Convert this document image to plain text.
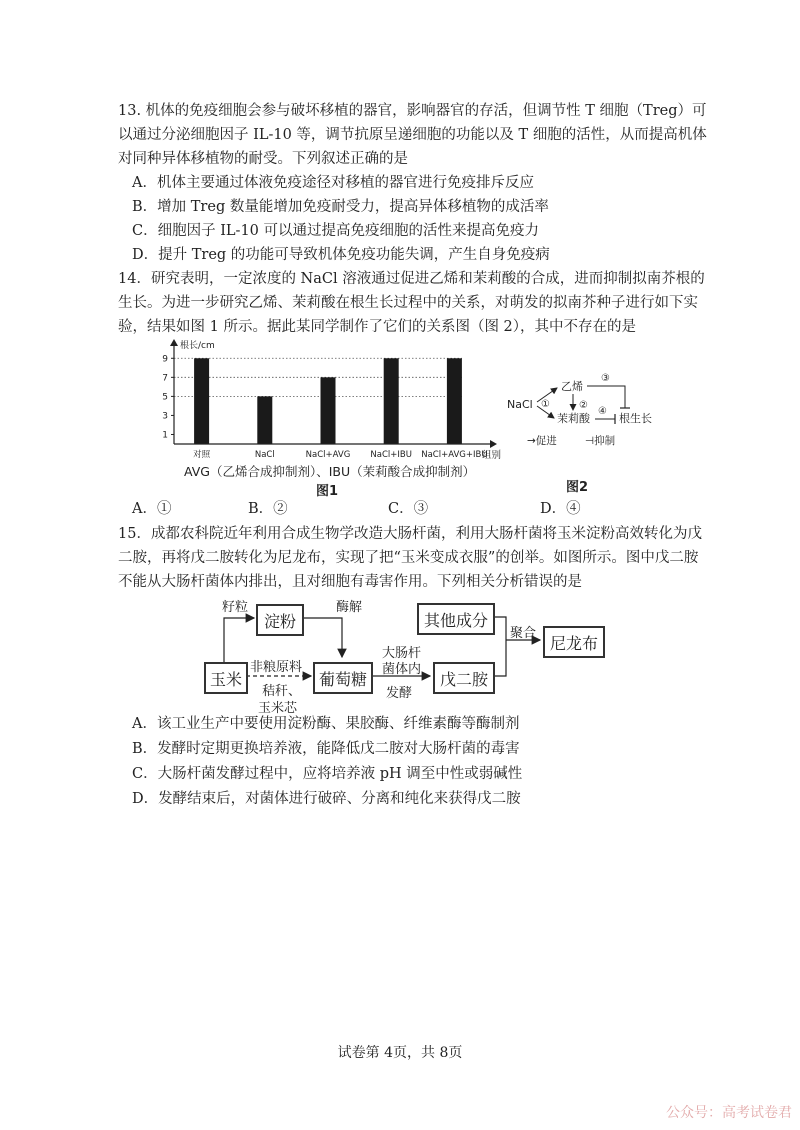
13. 机体的免疫细胞会参与破坏移植的器官，影响器官的存活，但调节性 T 细胞（Treg）可
以通过分泌细胞因子 IL-10 等，调节抗原呈递细胞的功能以及 T 细胞的活性，从而提高机体
对同种异体移植物的耐受。下列叙述正确的是
A．机体主要通过体液免疫途径对移植的器官进行免疫排斥反应
B．增加 Treg 数量能增加免疫耐受力，提高异体移植物的成活率
C．细胞因子 IL-10 可以通过提高免疫细胞的活性来提高免疫力
D．提升 Treg 的功能可导致机体免疫功能失调，产生自身免疫病
14．研究表明，一定浓度的 NaCl 溶液通过促进乙烯和茉莉酸的合成，进而抑制拟南芥根的
生长。为进一步研究乙烯、茉莉酸在根生长过程中的关系，对萌发的拟南芥种子进行如下实
验，结果如图 1 所示。据此某同学制作了它们的关系图（图 2），其中不存在的是
1
3
5
7
9
对照	NaCl	NaCl+AVG NaCl+IBU NaCl+AVG+IBU
根长/cm
组别
AVG（乙烯合成抑制剂）、IBU（茉莉酸合成抑制剂）
图1
NaCl
乙烯
茉莉酸	根生长
①	②
③
④
→促进	⊣抑制
图2
A．①	B．②	C．③	D．④
15．成都农科院近年利用合成生物学改造大肠杆菌，利用大肠杆菌将玉米淀粉高效转化为戊
二胺，再将戊二胺转化为尼龙布，实现了把“玉米变成衣服”的创举。如图所示。图中戊二胺
不能从大肠杆菌体内排出，且对细胞有毒害作用。下列相关分析错误的是
玉米
淀粉
葡萄糖	戊二胺
其他成分
尼龙布
籽粒	酶解
非粮原料
秸秆、
玉米芯
大肠杆
菌体内
发酵
聚合
A．该工业生产中要使用淀粉酶、果胶酶、纤维素酶等酶制剂
B．发酵时定期更换培养液，能降低戊二胺对大肠杆菌的毒害
C．大肠杆菌发酵过程中，应将培养液 pH 调至中性或弱碱性
D．发酵结束后，对菌体进行破碎、分离和纯化来获得戊二胺
试卷第 4页，共 8页
公众号：高考试卷君
